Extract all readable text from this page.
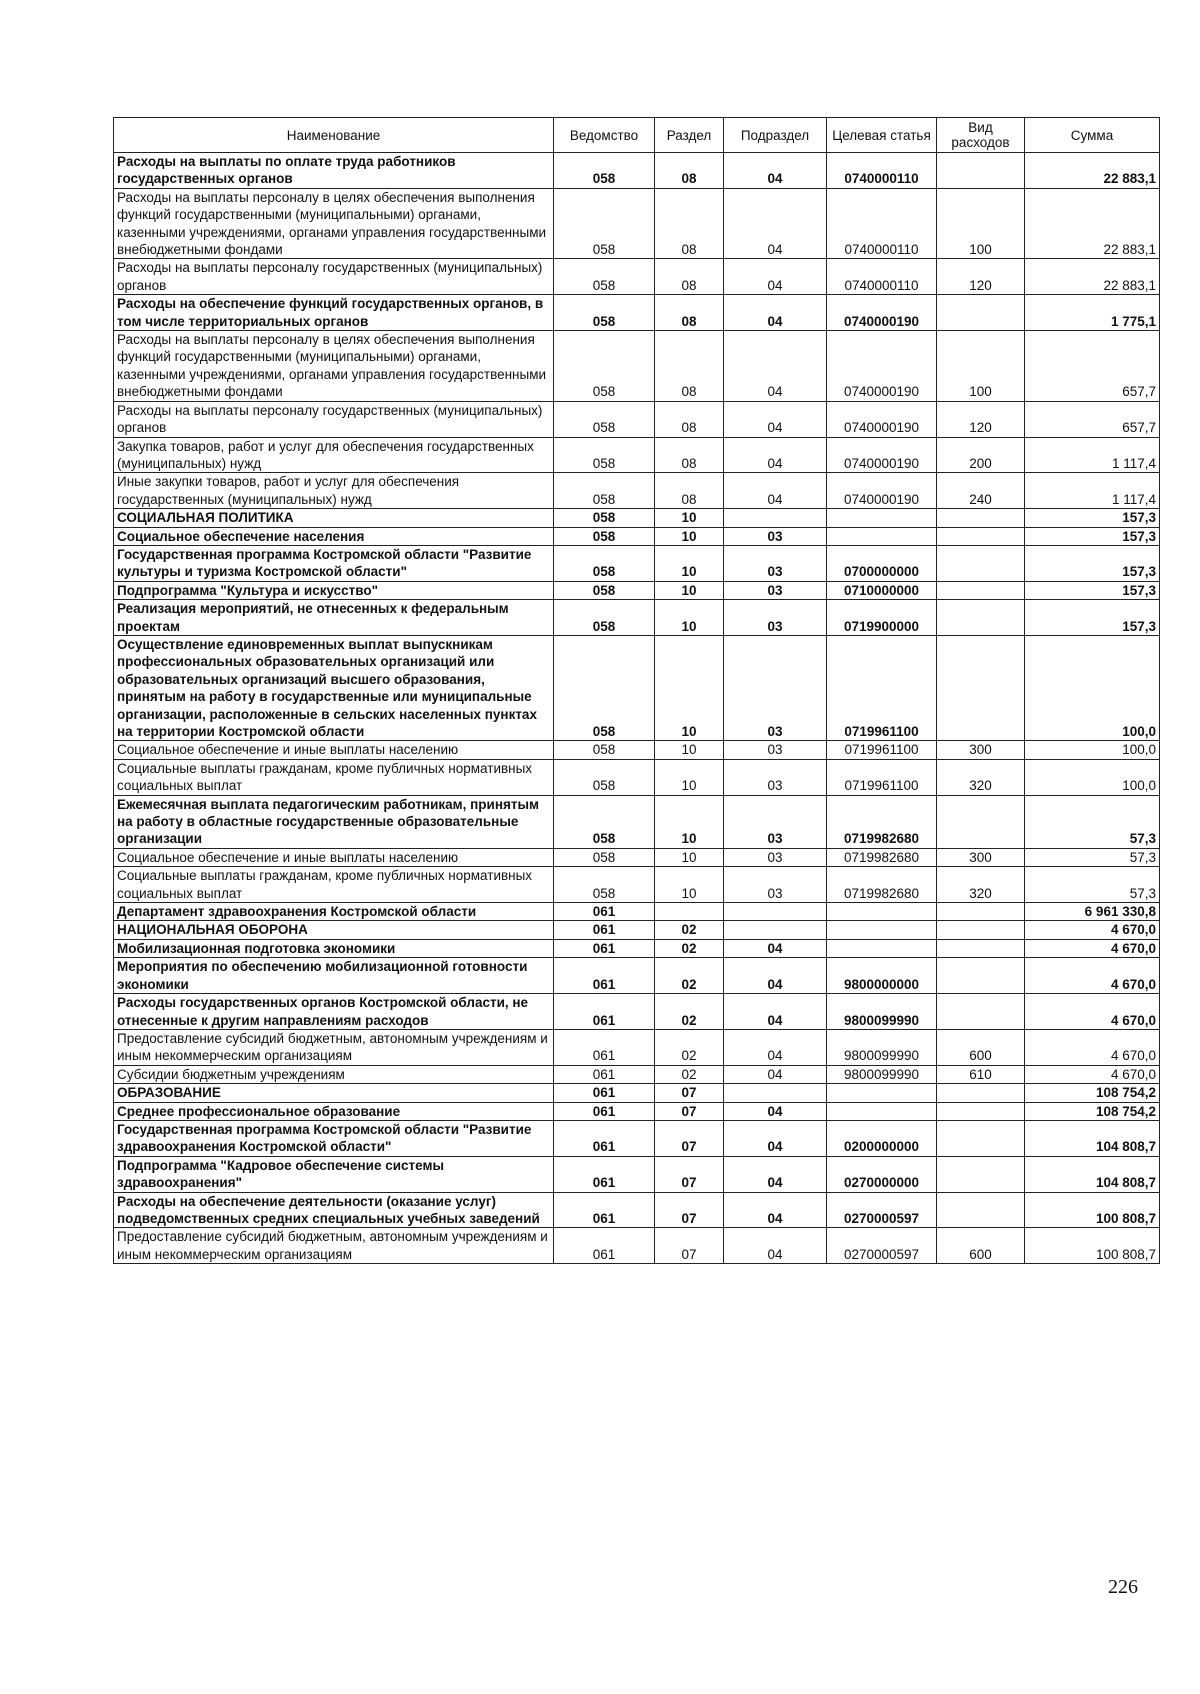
Наименование	Ведомство	Раздел	Подраздел	Целевая статья	Вид расходов	Сумма
Расходы на выплаты по оплате труда работников государственных органов	058	08	04	0740000110		22 883,1
Расходы на выплаты персоналу в целях обеспечения выполнения функций государственными (муниципальными) органами, казенными учреждениями, органами управления государственными внебюджетными фондами	058	08	04	0740000110	100	22 883,1
Расходы на выплаты персоналу государственных (муниципальных) органов	058	08	04	0740000110	120	22 883,1
Расходы на обеспечение функций государственных органов, в том числе территориальных органов	058	08	04	0740000190		1 775,1
Расходы на выплаты персоналу в целях обеспечения выполнения функций государственными (муниципальными) органами, казенными учреждениями, органами управления государственными внебюджетными фондами	058	08	04	0740000190	100	657,7
Расходы на выплаты персоналу государственных (муниципальных) органов	058	08	04	0740000190	120	657,7
Закупка товаров, работ и услуг для обеспечения государственных (муниципальных) нужд	058	08	04	0740000190	200	1 117,4
Иные закупки товаров, работ и услуг для обеспечения государственных (муниципальных) нужд	058	08	04	0740000190	240	1 117,4
СОЦИАЛЬНАЯ ПОЛИТИКА	058	10				157,3
Социальное обеспечение населения	058	10	03			157,3
Государственная программа Костромской области "Развитие культуры и туризма Костромской области"	058	10	03	0700000000		157,3
Подпрограмма "Культура и искусство"	058	10	03	0710000000		157,3
Реализация мероприятий, не отнесенных к федеральным проектам	058	10	03	0719900000		157,3
Осуществление единовременных выплат выпускникам профессиональных образовательных организаций или образовательных организаций высшего образования, принятым на работу в государственные или муниципальные организации, расположенные в сельских населенных пунктах на территории Костромской области	058	10	03	0719961100		100,0
Социальное обеспечение и иные выплаты населению	058	10	03	0719961100	300	100,0
Социальные выплаты гражданам, кроме публичных нормативных социальных выплат	058	10	03	0719961100	320	100,0
Ежемесячная выплата педагогическим работникам, принятым на работу в областные государственные образовательные организации	058	10	03	0719982680		57,3
Социальное обеспечение и иные выплаты населению	058	10	03	0719982680	300	57,3
Социальные выплаты гражданам, кроме публичных нормативных социальных выплат	058	10	03	0719982680	320	57,3
Департамент здравоохранения Костромской области	061					6 961 330,8
НАЦИОНАЛЬНАЯ ОБОРОНА	061	02				4 670,0
Мобилизационная подготовка экономики	061	02	04			4 670,0
Мероприятия по обеспечению мобилизационной готовности экономики	061	02	04	9800000000		4 670,0
Расходы государственных органов Костромской области, не отнесенные к другим направлениям расходов	061	02	04	9800099990		4 670,0
Предоставление субсидий бюджетным, автономным учреждениям и иным некоммерческим организациям	061	02	04	9800099990	600	4 670,0
Субсидии бюджетным учреждениям	061	02	04	9800099990	610	4 670,0
ОБРАЗОВАНИЕ	061	07				108 754,2
Среднее профессиональное образование	061	07	04			108 754,2
Государственная программа Костромской области "Развитие здравоохранения Костромской области"	061	07	04	0200000000		104 808,7
Подпрограмма "Кадровое обеспечение системы здравоохранения"	061	07	04	0270000000		104 808,7
Расходы на обеспечение деятельности (оказание услуг) подведомственных средних специальных учебных заведений	061	07	04	0270000597		100 808,7
Предоставление субсидий бюджетным, автономным учреждениям и иным некоммерческим организациям	061	07	04	0270000597	600	100 808,7
226
